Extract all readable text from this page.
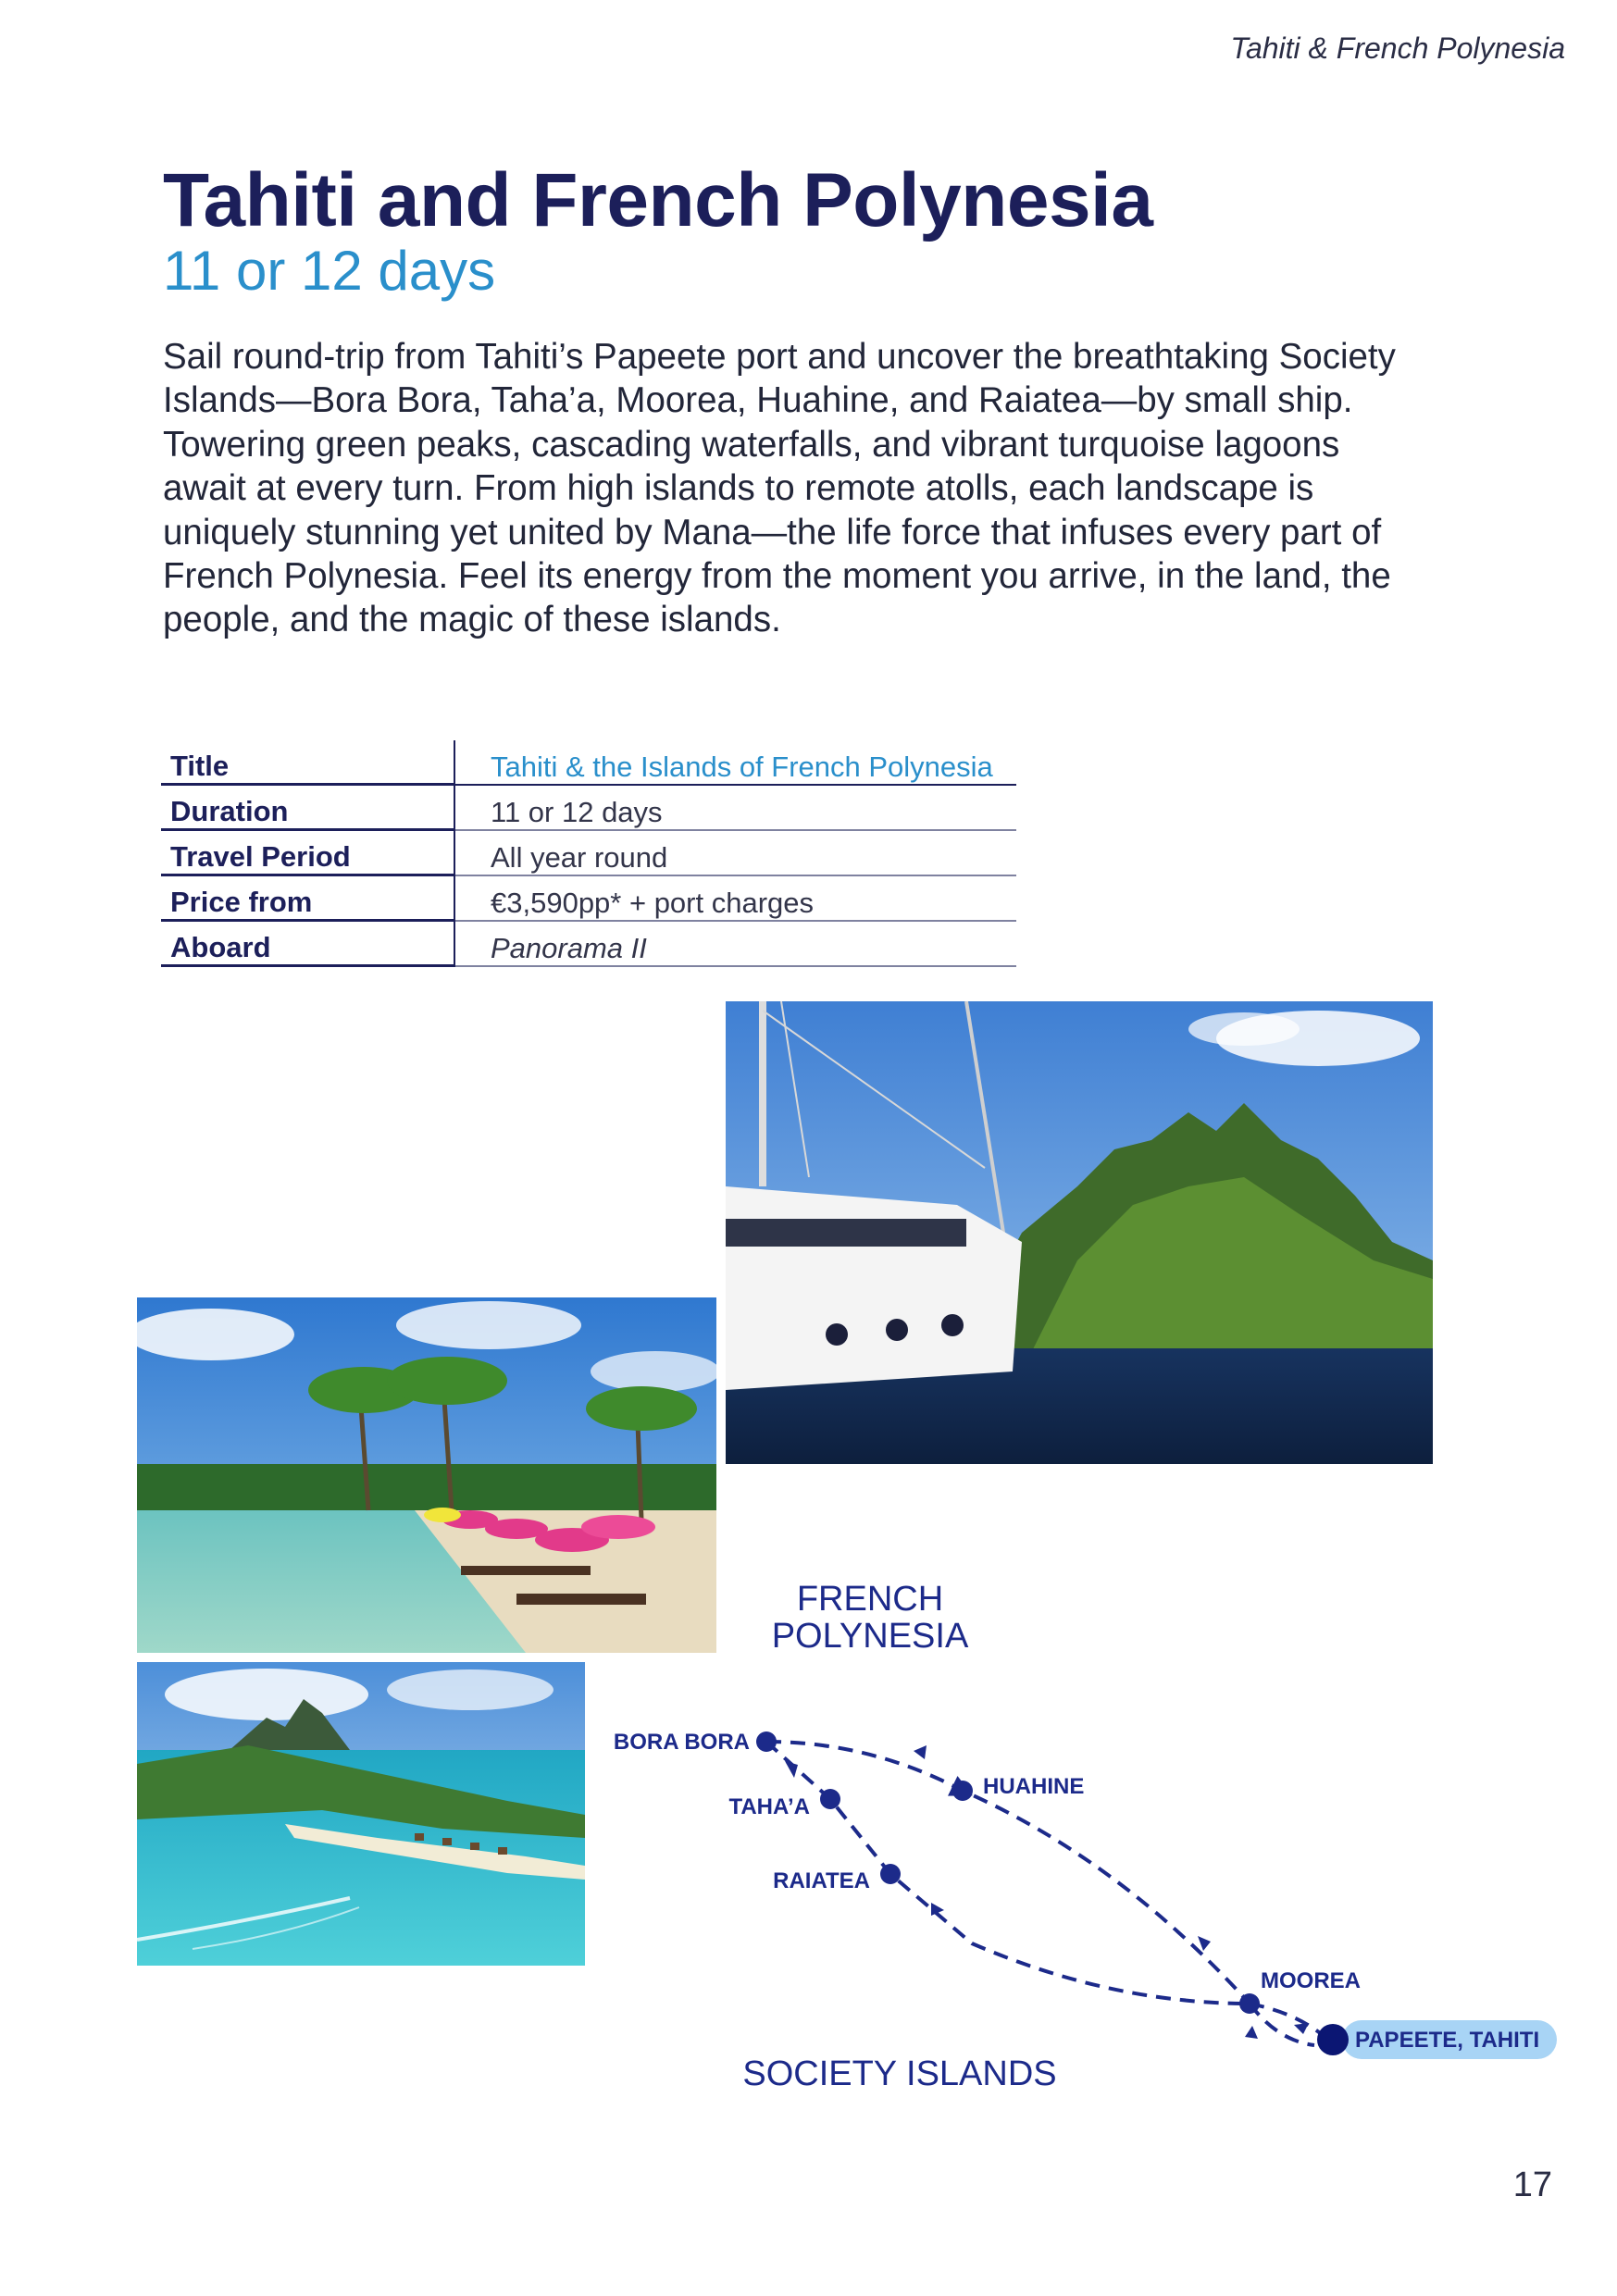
Tahiti & French Polynesia
Tahiti and French Polynesia
11 or 12 days

Sail round-trip from Tahiti’s Papeete port and uncover the breathtaking Society Islands—Bora Bora, Taha’a, Moorea, Huahine, and Raiatea—by small ship. Towering green peaks, cascading waterfalls, and vibrant turquoise lagoons await at every turn. From high islands to remote atolls, each landscape is uniquely stunning yet united by Mana—the life force that infuses every part of French Polynesia. Feel its energy from the moment you arrive, in the land, the people, and the magic of these islands.

Title	Tahiti & the Islands of French Polynesia
Duration	11 or 12 days
Travel Period	All year round
Price from	€3,590pp* + port charges
Aboard	Panorama II
FRENCH
POLYNESIA
BORA BORA
TAHA’A
RAIATEA
HUAHINE
MOOREA
PAPEETE, TAHITI
SOCIETY ISLANDS
17
